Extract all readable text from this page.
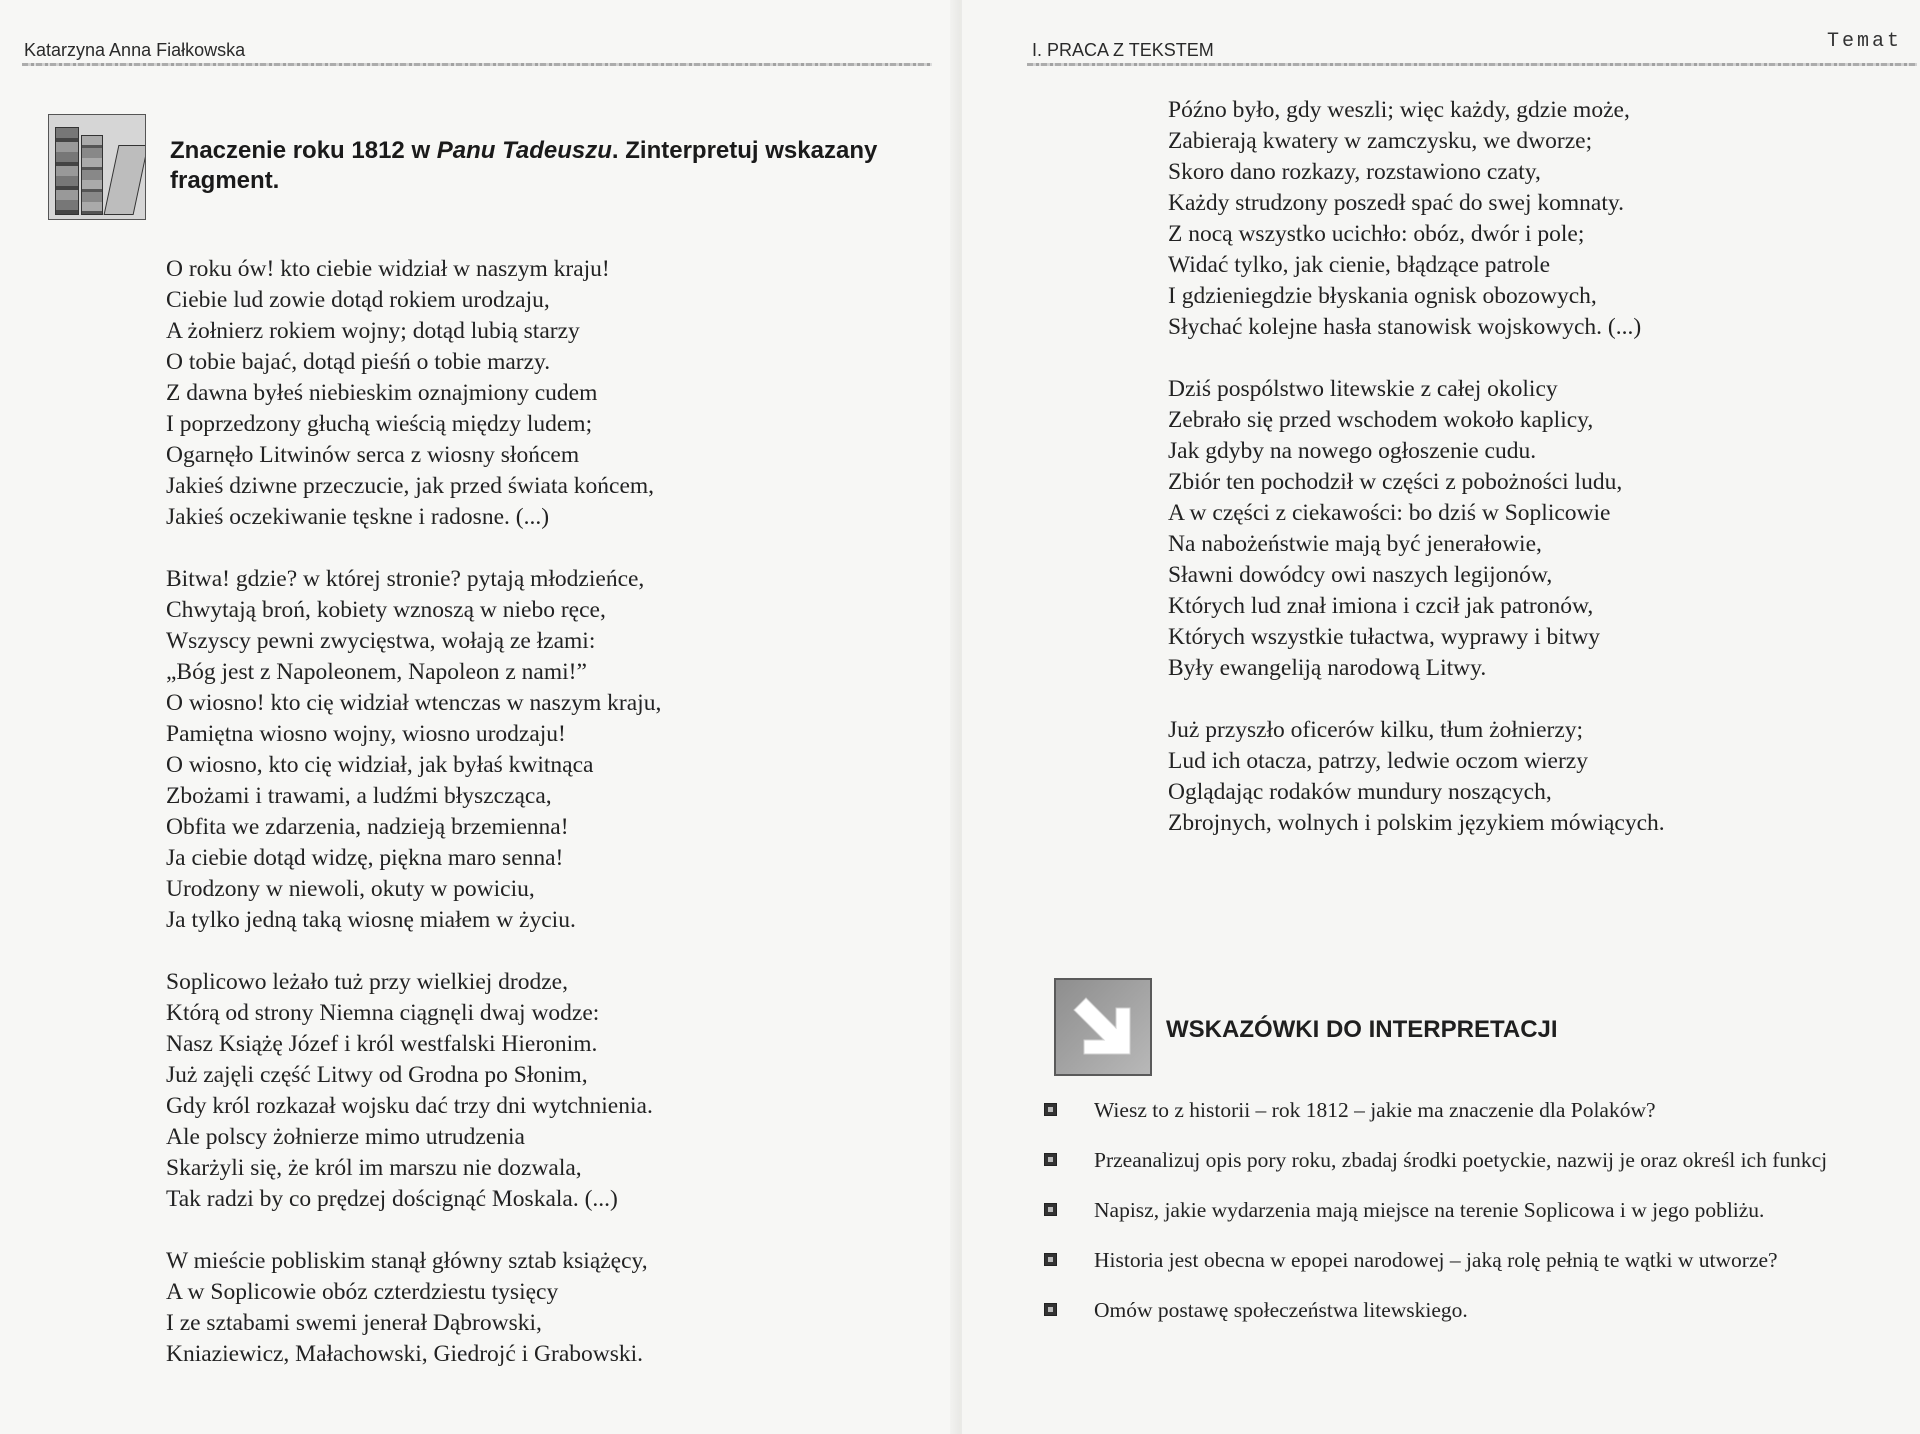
Katarzyna Anna Fiałkowska
Znaczenie roku 1812 w Panu Tadeuszu. Zinterpretuj wskazany fragment.
O roku ów! kto ciebie widział w naszym kraju!
Ciebie lud zowie dotąd rokiem urodzaju,
A żołnierz rokiem wojny; dotąd lubią starzy
O tobie bajać, dotąd pieśń o tobie marzy.
Z dawna byłeś niebieskim oznajmiony cudem
I poprzedzony głuchą wieścią między ludem;
Ogarnęło Litwinów serca z wiosny słońcem
Jakieś dziwne przeczucie, jak przed świata końcem,
Jakieś oczekiwanie tęskne i radosne. (...)
Bitwa! gdzie? w której stronie? pytają młodzieńce,
Chwytają broń, kobiety wznoszą w niebo ręce,
Wszyscy pewni zwycięstwa, wołają ze łzami:
„Bóg jest z Napoleonem, Napoleon z nami!”
O wiosno! kto cię widział wtenczas w naszym kraju,
Pamiętna wiosno wojny, wiosno urodzaju!
O wiosno, kto cię widział, jak byłaś kwitnąca
Zbożami i trawami, a ludźmi błyszcząca,
Obfita we zdarzenia, nadzieją brzemienna!
Ja ciebie dotąd widzę, piękna maro senna!
Urodzony w niewoli, okuty w powiciu,
Ja tylko jedną taką wiosnę miałem w życiu.
Soplicowo leżało tuż przy wielkiej drodze,
Którą od strony Niemna ciągnęli dwaj wodze:
Nasz Książę Józef i król westfalski Hieronim.
Już zajęli część Litwy od Grodna po Słonim,
Gdy król rozkazał wojsku dać trzy dni wytchnienia.
Ale polscy żołnierze mimo utrudzenia
Skarżyli się, że król im marszu nie dozwala,
Tak radzi by co prędzej doścignąć Moskala. (...)
W mieście pobliskim stanął główny sztab książęcy,
A w Soplicowie obóz czterdziestu tysięcy
I ze sztabami swemi jenerał Dąbrowski,
Kniaziewicz, Małachowski, Giedrojć i Grabowski.
I. PRACA Z TEKSTEM	Temat
Późno było, gdy weszli; więc każdy, gdzie może,
Zabierają kwatery w zamczysku, we dworze;
Skoro dano rozkazy, rozstawiono czaty,
Każdy strudzony poszedł spać do swej komnaty.
Z nocą wszystko ucichło: obóz, dwór i pole;
Widać tylko, jak cienie, błądzące patrole
I gdzieniegdzie błyskania ognisk obozowych,
Słychać kolejne hasła stanowisk wojskowych. (...)
Dziś pospólstwo litewskie z całej okolicy
Zebrało się przed wschodem wokoło kaplicy,
Jak gdyby na nowego ogłoszenie cudu.
Zbiór ten pochodził w części z pobożności ludu,
A w części z ciekawości: bo dziś w Soplicowie
Na nabożeństwie mają być jenerałowie,
Sławni dowódcy owi naszych legijonów,
Których lud znał imiona i czcił jak patronów,
Których wszystkie tułactwa, wyprawy i bitwy
Były ewangeliją narodową Litwy.
Już przyszło oficerów kilku, tłum żołnierzy;
Lud ich otacza, patrzy, ledwie oczom wierzy
Oglądając rodaków mundury noszących,
Zbrojnych, wolnych i polskim językiem mówiących.
WSKAZÓWKI DO INTERPRETACJI
Wiesz to z historii – rok 1812 – jakie ma znaczenie dla Polaków?
Przeanalizuj opis pory roku, zbadaj środki poetyckie, nazwij je oraz określ ich funkcj
Napisz, jakie wydarzenia mają miejsce na terenie Soplicowa i w jego pobliżu.
Historia jest obecna w epopei narodowej – jaką rolę pełnią te wątki w utworze?
Omów postawę społeczeństwa litewskiego.
